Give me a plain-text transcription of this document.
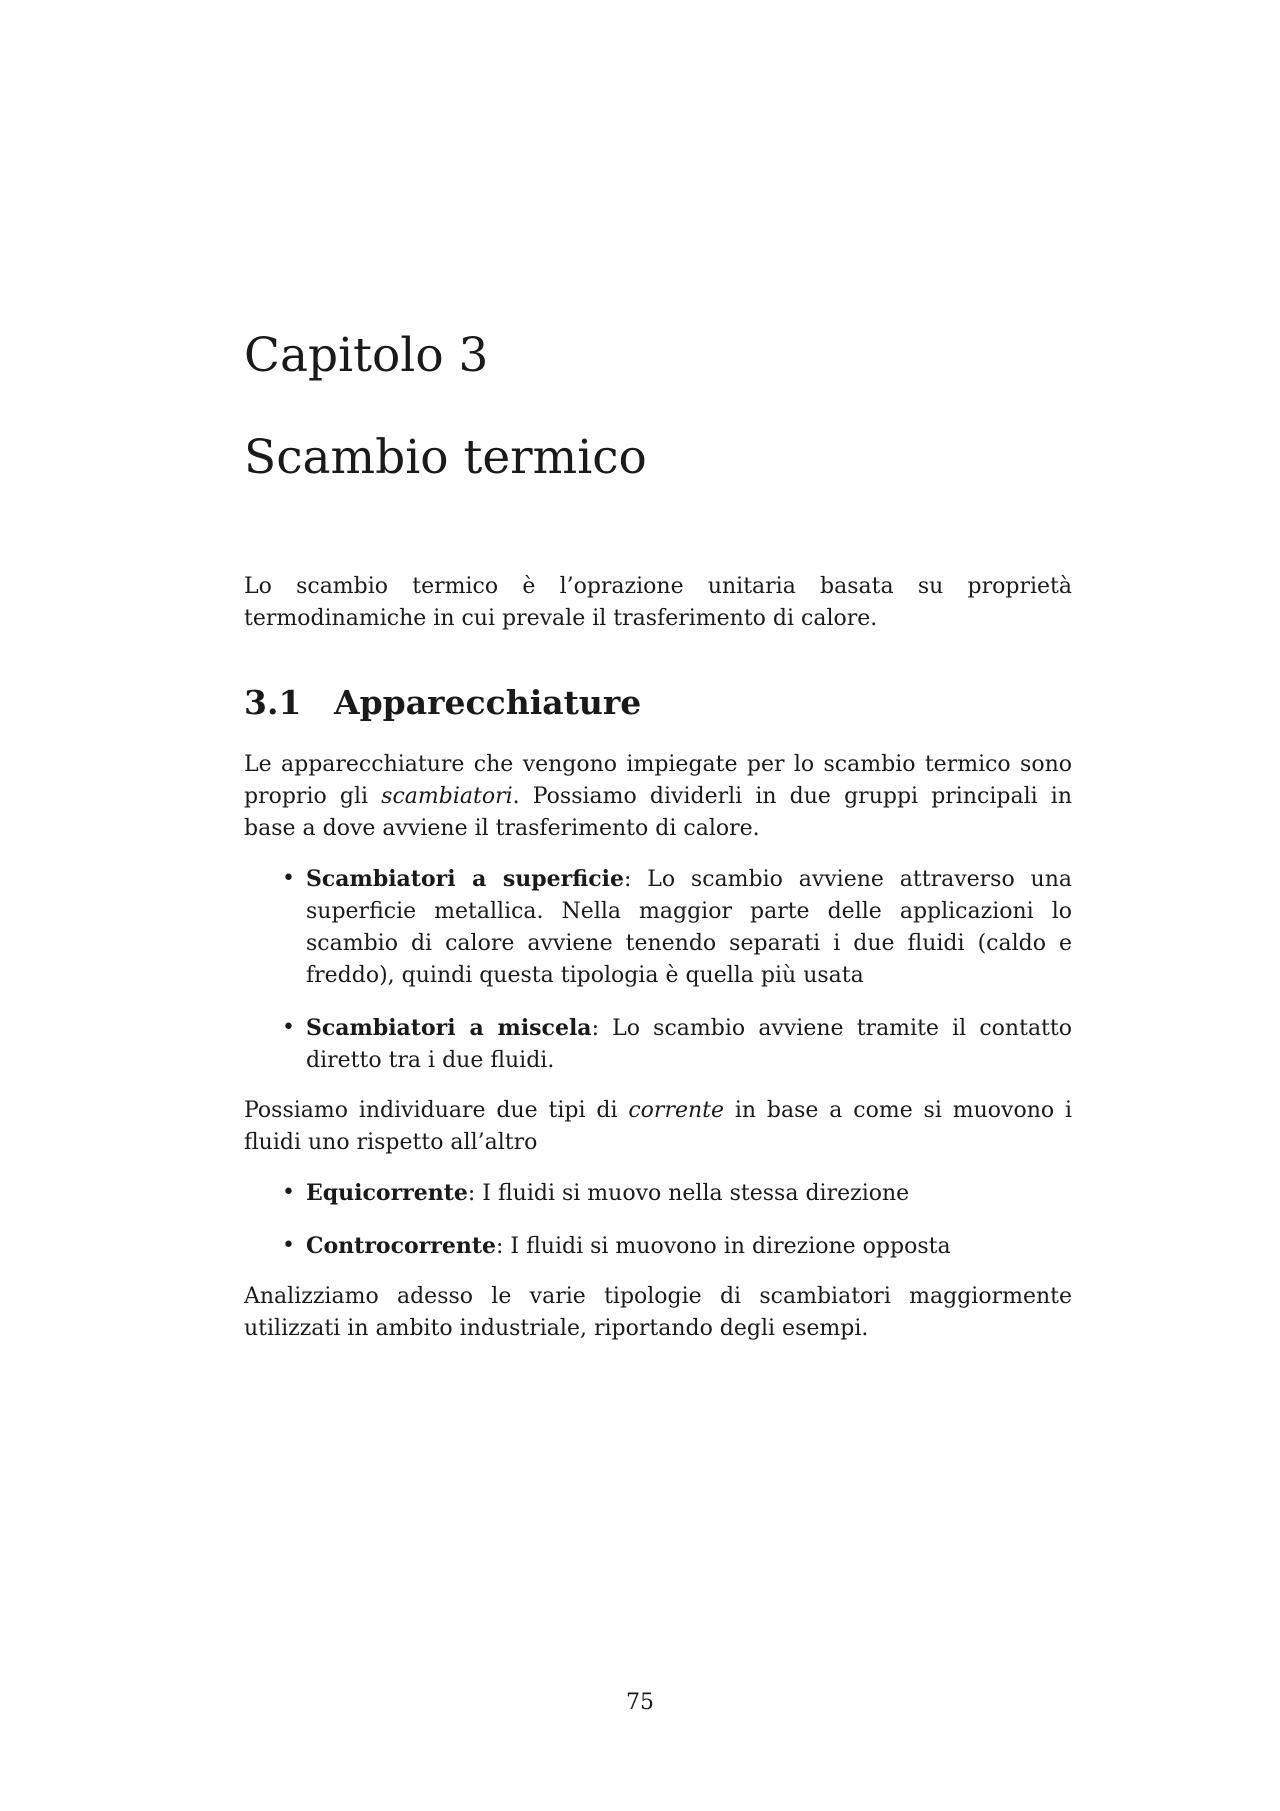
Capitolo 3
Scambio termico

Lo scambio termico è l’oprazione unitaria basata su proprietà termodinamiche in cui prevale il trasferimento di calore.

3.1 Apparecchiature

Le apparecchiature che vengono impiegate per lo scambio termico sono proprio gli scambiatori. Possiamo dividerli in due gruppi principali in base a dove avviene il trasferimento di calore.

• Scambiatori a superficie: Lo scambio avviene attraverso una superficie metallica. Nella maggior parte delle applicazioni lo scambio di calore avviene tenendo separati i due fluidi (caldo e freddo), quindi questa tipologia è quella più usata
• Scambiatori a miscela: Lo scambio avviene tramite il contatto diretto tra i due fluidi.

Possiamo individuare due tipi di corrente in base a come si muovono i fluidi uno rispetto all’altro

• Equicorrente: I fluidi si muovo nella stessa direzione
• Controcorrente: I fluidi si muovono in direzione opposta

Analizziamo adesso le varie tipologie di scambiatori maggiormente utilizzati in ambito industriale, riportando degli esempi.

75
